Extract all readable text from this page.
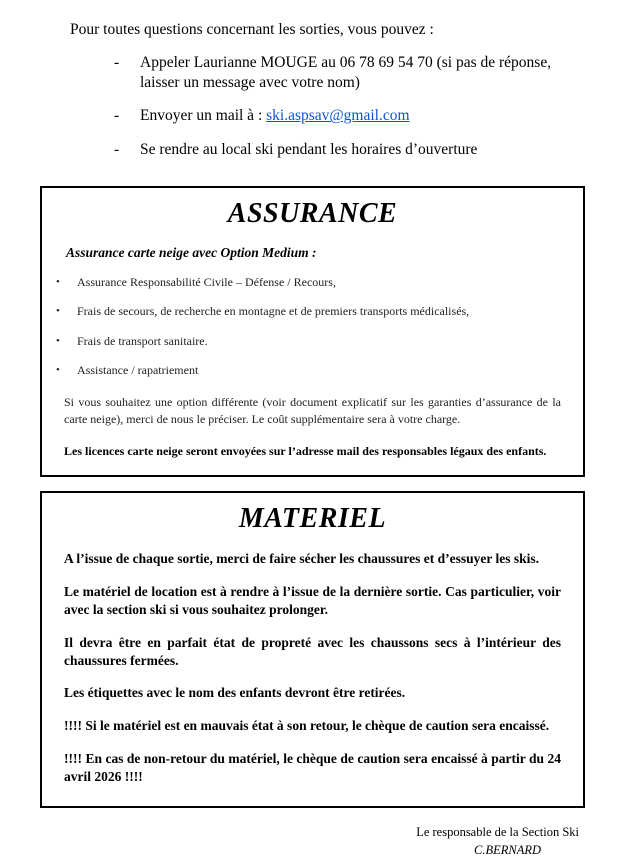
Pour toutes questions concernant les sorties, vous pouvez :

-	Appeler Laurianne MOUGE au 06 78 69 54 70 (si pas de réponse, laisser un message avec votre nom)
-	Envoyer un mail à : ski.aspsav@gmail.com
-	Se rendre au local ski pendant les horaires d’ouverture
ASSURANCE

Assurance carte neige avec Option Medium :

•	Assurance Responsabilité Civile – Défense / Recours,
•	Frais de secours, de recherche en montagne et de premiers transports médicalisés,
•	Frais de transport sanitaire.
•	Assistance / rapatriement

Si vous souhaitez une option différente (voir document explicatif sur les garanties d’assurance de la carte neige), merci de nous le préciser. Le coût supplémentaire sera à votre charge.

Les licences carte neige seront envoyées sur l’adresse mail des responsables légaux des enfants.

MATERIEL

A l’issue de chaque sortie, merci de faire sécher les chaussures et d’essuyer les skis.

Le matériel de location est à rendre à l’issue de la dernière sortie. Cas particulier, voir avec la section ski si vous souhaitez prolonger.

Il devra être en parfait état de propreté avec les chaussons secs à l’intérieur des chaussures fermées.

Les étiquettes avec le nom des enfants devront être retirées.

!!!! Si le matériel est en mauvais état à son retour, le chèque de caution sera encaissé.

!!!! En cas de non-retour du matériel, le chèque de caution sera encaissé à partir du 24 avril 2026 !!!!

Le responsable de la Section Ski
C.BERNARD
